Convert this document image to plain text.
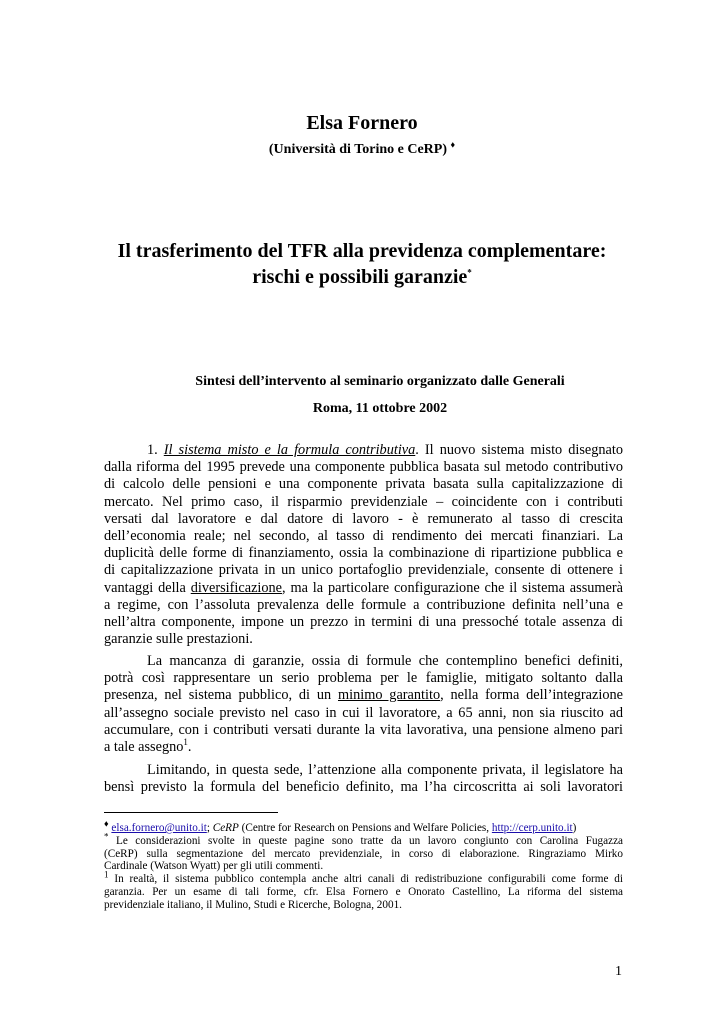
Elsa Fornero
(Università di Torino e CeRP) ♦
Il trasferimento del TFR alla previdenza complementare:
rischi e possibili garanzie*
Sintesi dell’intervento al seminario organizzato dalle Generali
Roma, 11 ottobre 2002
1. Il sistema misto e la formula contributiva. Il nuovo sistema misto disegnato
dalla riforma del 1995 prevede una componente pubblica basata sul metodo contributivo
di calcolo delle pensioni e una componente privata basata sulla capitalizzazione di
mercato. Nel primo caso, il risparmio previdenziale – coincidente con i contributi
versati dal lavoratore e dal datore di lavoro - è remunerato al tasso di crescita
dell’economia reale; nel secondo, al tasso di rendimento dei mercati finanziari. La
duplicità delle forme di finanziamento, ossia la combinazione di ripartizione pubblica e
di capitalizzazione privata in un unico portafoglio previdenziale, consente di ottenere i
vantaggi della diversificazione, ma la particolare configurazione che il sistema assumerà
a regime, con l’assoluta prevalenza delle formule a contribuzione definita nell’una e
nell’altra componente, impone un prezzo in termini di una pressoché totale assenza di
garanzie sulle prestazioni.
La mancanza di garanzie, ossia di formule che contemplino benefici definiti,
potrà così rappresentare un serio problema per le famiglie, mitigato soltanto dalla
presenza, nel sistema pubblico, di un minimo garantito, nella forma dell’integrazione
all’assegno sociale previsto nel caso in cui il lavoratore, a 65 anni, non sia riuscito ad
accumulare, con i contributi versati durante la vita lavorativa, una pensione almeno pari
a tale assegno$^1$.
Limitando, in questa sede, l’attenzione alla componente privata, il legislatore ha
bensì previsto la formula del beneficio definito, ma l’ha circoscritta ai soli lavoratori
♦ elsa.fornero@unito.it; CeRP (Centre for Research on Pensions and Welfare Policies, http://cerp.unito.it)
* Le considerazioni svolte in queste pagine sono tratte da un lavoro congiunto con Carolina Fugazza
(CeRP) sulla segmentazione del mercato previdenziale, in corso di elaborazione. Ringraziamo Mirko
Cardinale (Watson Wyatt) per gli utili commenti.
$^1$ In realtà, il sistema pubblico contempla anche altri canali di redistribuzione configurabili come forme di
garanzia. Per un esame di tali forme, cfr. Elsa Fornero e Onorato Castellino, La riforma del sistema
previdenziale italiano, il Mulino, Studi e Ricerche, Bologna, 2001.
1
